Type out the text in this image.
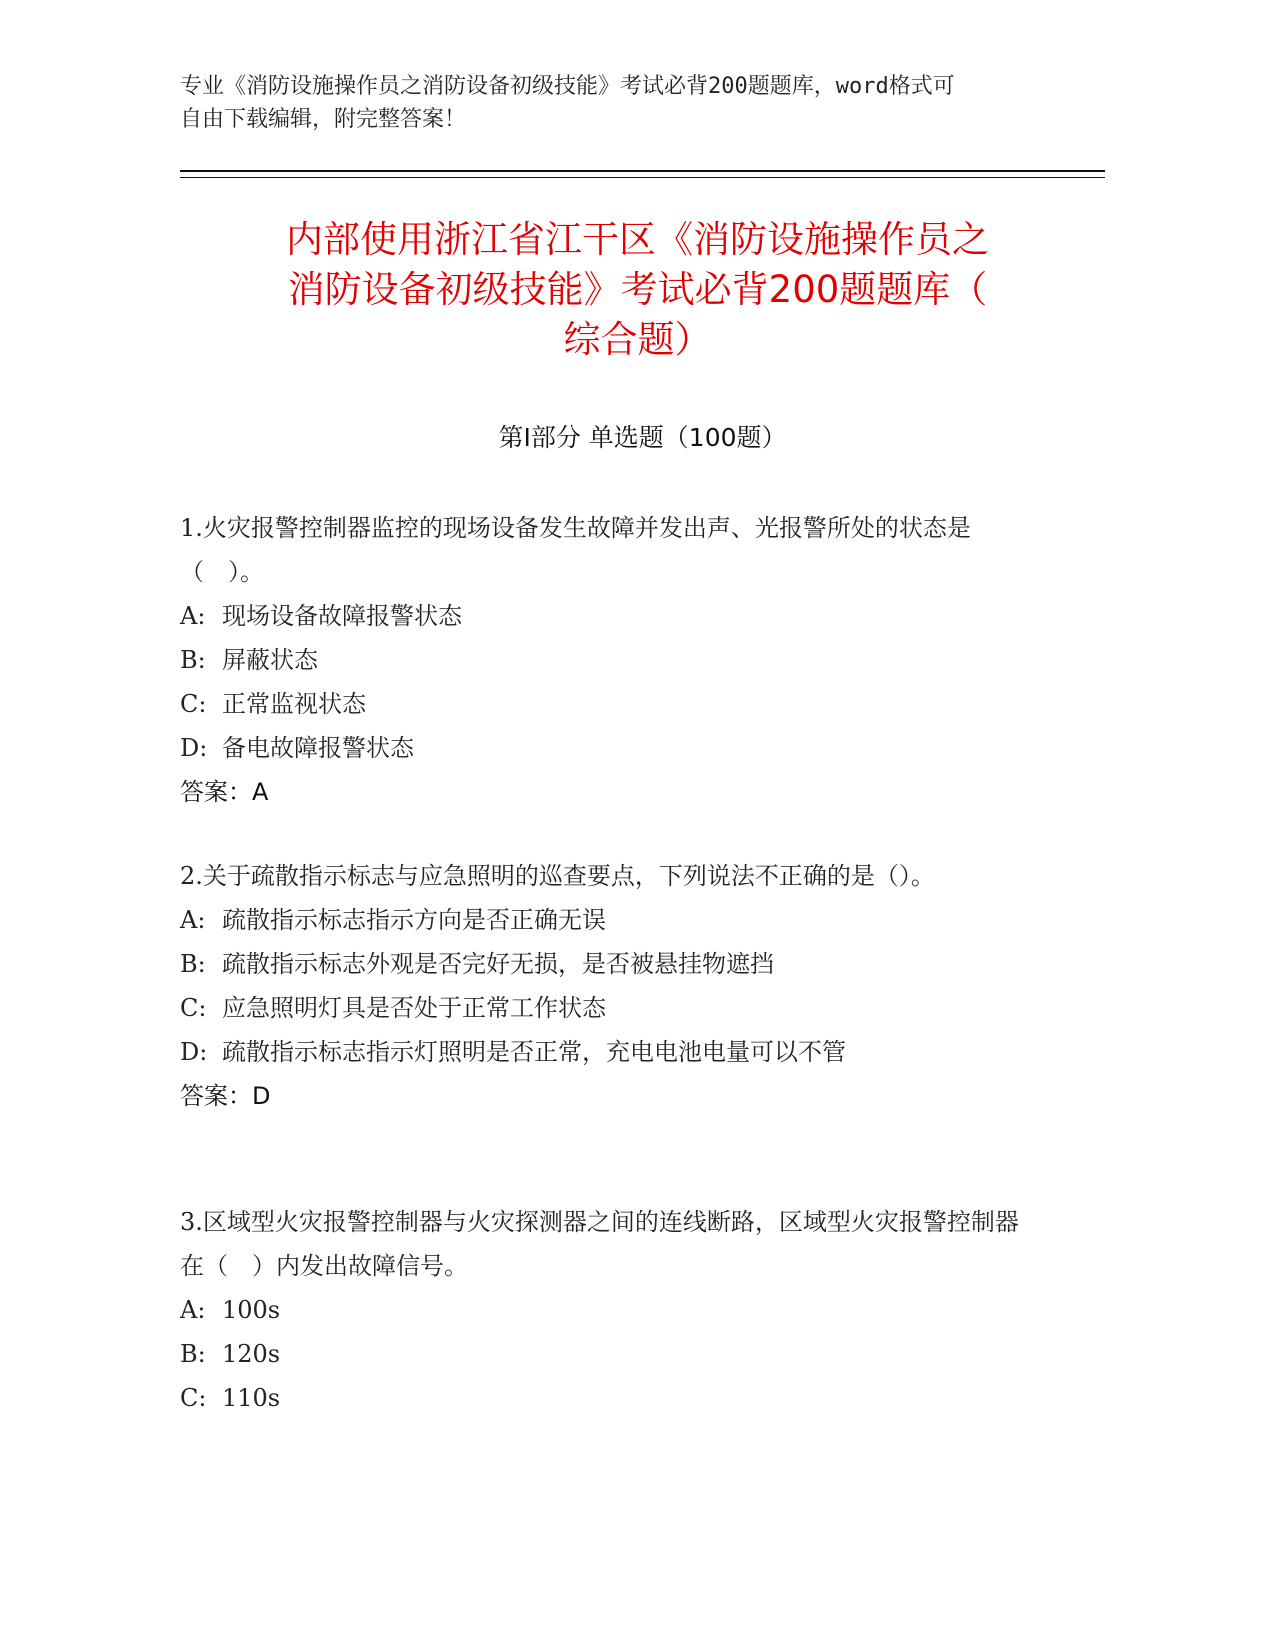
专业《消防设施操作员之消防设备初级技能》考试必背200题题库，word格式可
自由下载编辑，附完整答案！
内部使用浙江省江干区《消防设施操作员之
消防设备初级技能》考试必背200题题库（
综合题）
第I部分 单选题（100题）
1.火灾报警控制器监控的现场设备发生故障并发出声、光报警所处的状态是（　）。
A: 现场设备故障报警状态
B: 屏蔽状态
C: 正常监视状态
D: 备电故障报警状态
答案：A
2.关于疏散指示标志与应急照明的巡查要点，下列说法不正确的是（）。
A: 疏散指示标志指示方向是否正确无误
B: 疏散指示标志外观是否完好无损，是否被悬挂物遮挡
C: 应急照明灯具是否处于正常工作状态
D: 疏散指示标志指示灯照明是否正常，充电电池电量可以不管
答案：D
3.区域型火灾报警控制器与火灾探测器之间的连线断路，区域型火灾报警控制器在（　）内发出故障信号。
A: 100s
B: 120s
C: 110s
